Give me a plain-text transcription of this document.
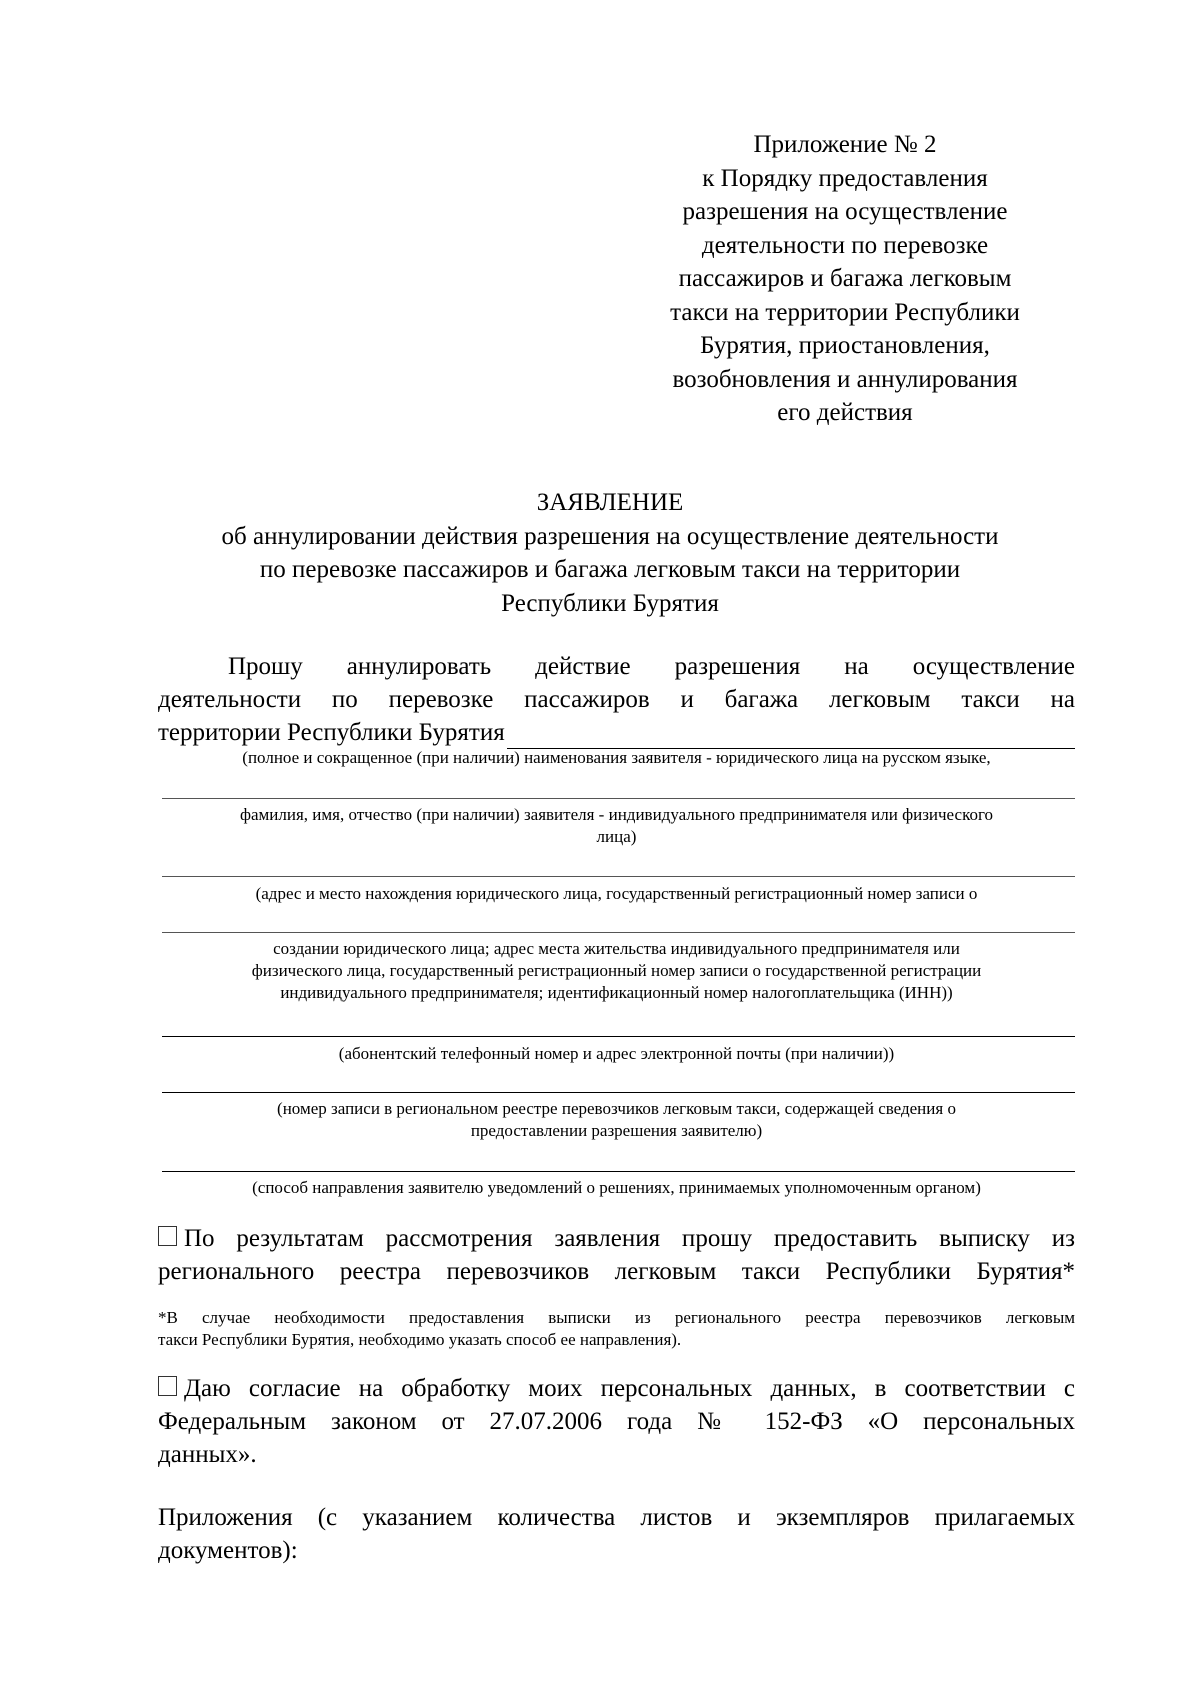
Приложение № 2
к Порядку предоставления
разрешения на осуществление
деятельности по перевозке
пассажиров и багажа легковым
такси на территории Республики
Бурятия, приостановления,
возобновления и аннулирования
его действия
ЗАЯВЛЕНИЕ
об аннулировании действия разрешения на осуществление деятельности
по перевозке пассажиров и багажа легковым такси на территории
Республики Бурятия
Прошу аннулировать действие разрешения на осуществление
деятельности по перевозке пассажиров и багажа легковым такси на
территории Республики Бурятия
(полное и сокращенное (при наличии) наименования заявителя - юридического лица на русском языке,
фамилия, имя, отчество (при наличии) заявителя - индивидуального предпринимателя или физического
лица)
(адрес и место нахождения юридического лица, государственный регистрационный номер записи о
создании юридического лица; адрес места жительства индивидуального предпринимателя или
физического лица, государственный регистрационный номер записи о государственной регистрации
индивидуального предпринимателя; идентификационный номер налогоплательщика (ИНН))
(абонентский телефонный номер и адрес электронной почты (при наличии))
(номер записи в региональном реестре перевозчиков легковым такси, содержащей сведения о
предоставлении разрешения заявителю)
(способ направления заявителю уведомлений о решениях, принимаемых уполномоченным органом)
По результатам рассмотрения заявления прошу предоставить выписку из
регионального реестра перевозчиков легковым такси Республики Бурятия*
*В случае необходимости предоставления выписки из регионального реестра перевозчиков легковым
такси Республики Бурятия, необходимо указать способ ее направления).
Даю согласие на обработку моих персональных данных, в соответствии с
Федеральным законом от 27.07.2006 года № 152-ФЗ «О персональных
данных».
Приложения (с указанием количества листов и экземпляров прилагаемых
документов):
